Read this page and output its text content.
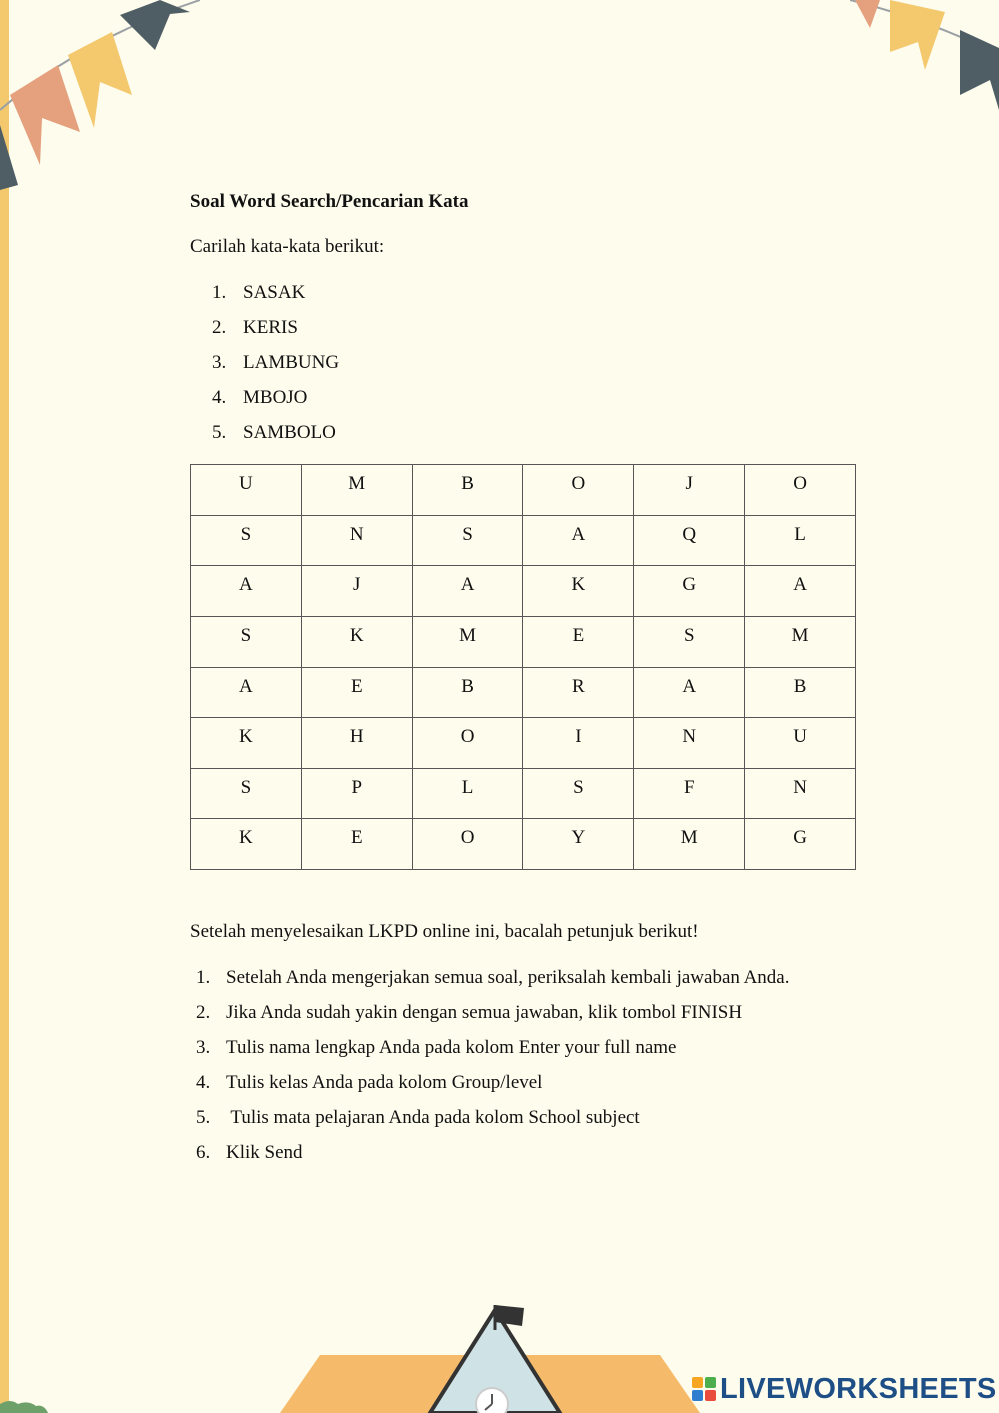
Soal Word Search/Pencarian Kata
Carilah kata-kata berikut:
1. SASAK
2. KERIS
3. LAMBUNG
4. MBOJO
5. SAMBOLO
U	M	B	O	J	O
S	N	S	A	Q	L
A	J	A	K	G	A
S	K	M	E	S	M
A	E	B	R	A	B
K	H	O	I	N	U
S	P	L	S	F	N
K	E	O	Y	M	G
Setelah menyelesaikan LKPD online ini, bacalah petunjuk berikut!
1. Setelah Anda mengerjakan semua soal, periksalah kembali jawaban Anda.
2. Jika Anda sudah yakin dengan semua jawaban, klik tombol FINISH
3. Tulis nama lengkap Anda pada kolom Enter your full name
4. Tulis kelas Anda pada kolom Group/level
5. Tulis mata pelajaran Anda pada kolom School subject
6. Klik Send
LIVEWORKSHEETS
